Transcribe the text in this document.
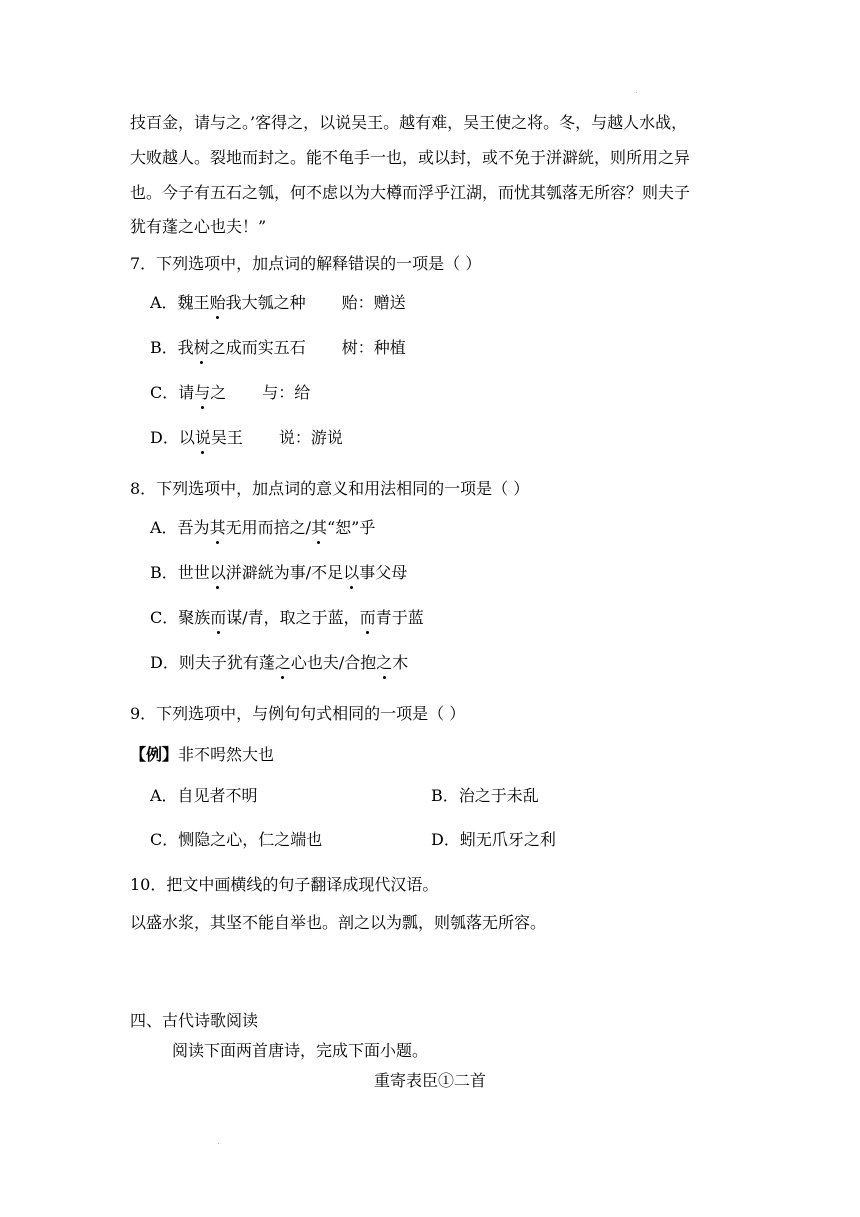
技百金，请与之。’客得之，以说吴王。越有难，吴王使之将。冬，与越人水战，
大败越人。裂地而封之。能不龟手一也，或以封，或不免于洴澼絖，则所用之异
也。今子有五石之瓠，何不虑以为大樽而浮乎江湖，而忧其瓠落无所容？则夫子
犹有蓬之心也夫！”
7．下列选项中，加点词的解释错误的一项是（ ）
A．魏王贻我大瓠之种 贻：赠送
B．我树之成而实五石 树：种植
C．请与之 与：给
D．以说吴王 说：游说
8．下列选项中，加点词的意义和用法相同的一项是（ ）
A．吾为其无用而掊之/其“恕”乎
B．世世以洴澼絖为事/不足以事父母
C．聚族而谋/青，取之于蓝，而青于蓝
D．则夫子犹有蓬之心也夫/合抱之木
9．下列选项中，与例句句式相同的一项是（ ）
【例】非不呺然大也
A．自见者不明	B．治之于未乱
C．恻隐之心，仁之端也	D．蚓无爪牙之利
10．把文中画横线的句子翻译成现代汉语。
以盛水浆，其坚不能自举也。剖之以为瓢，则瓠落无所容。
四、古代诗歌阅读
阅读下面两首唐诗，完成下面小题。
重寄表臣①二首
